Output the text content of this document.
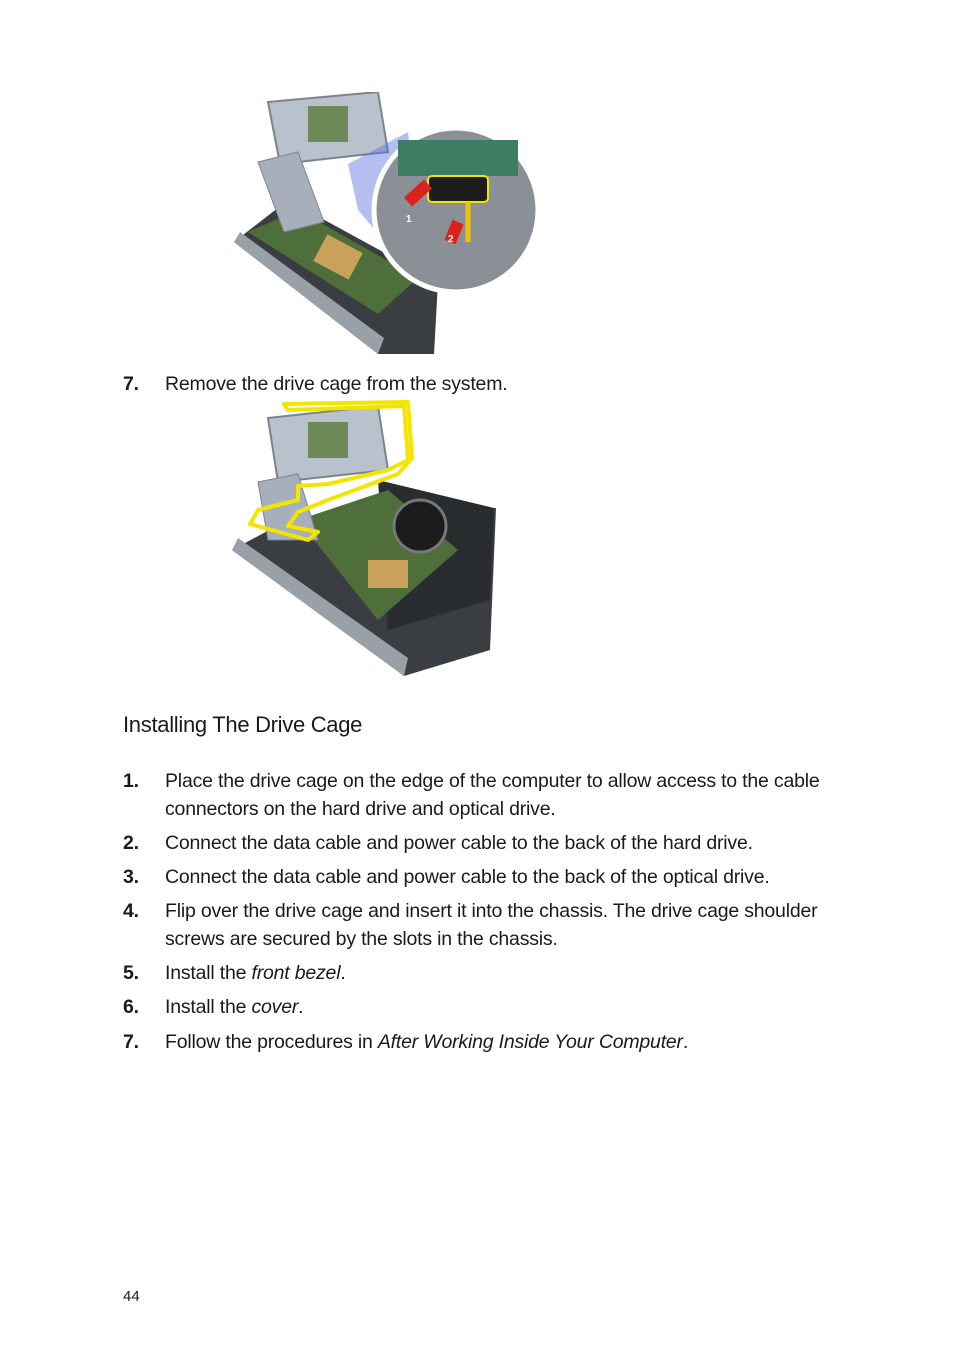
1
2
7. Remove the drive cage from the system.
Installing The Drive Cage
1. Place the drive cage on the edge of the computer to allow access to the cable connectors on the hard drive and optical drive.
2. Connect the data cable and power cable to the back of the hard drive.
3. Connect the data cable and power cable to the back of the optical drive.
4. Flip over the drive cage and insert it into the chassis. The drive cage shoulder screws are secured by the slots in the chassis.
5. Install the front bezel.
6. Install the cover.
7. Follow the procedures in After Working Inside Your Computer.
44
